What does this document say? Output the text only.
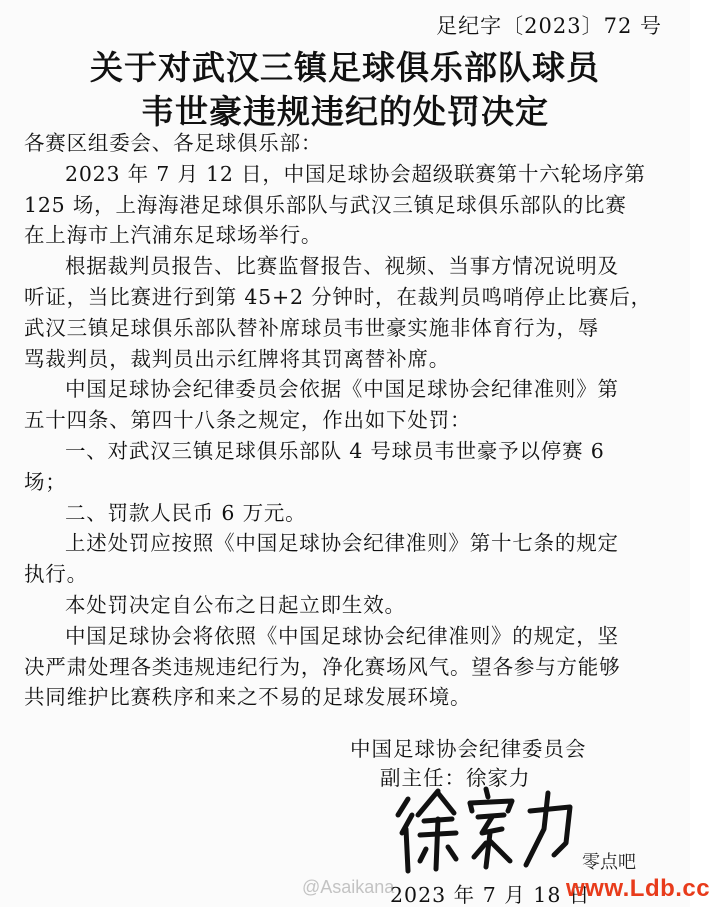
足纪字〔2023〕72 号
关于对武汉三镇足球俱乐部队球员
韦世豪违规违纪的处罚决定
各赛区组委会、各足球俱乐部：
2023 年 7 月 12 日，中国足球协会超级联赛第十六轮场序第
125 场，上海海港足球俱乐部队与武汉三镇足球俱乐部队的比赛
在上海市上汽浦东足球场举行。
根据裁判员报告、比赛监督报告、视频、当事方情况说明及
听证，当比赛进行到第 45+2 分钟时，在裁判员鸣哨停止比赛后，
武汉三镇足球俱乐部队替补席球员韦世豪实施非体育行为，辱
骂裁判员，裁判员出示红牌将其罚离替补席。
中国足球协会纪律委员会依据《中国足球协会纪律准则》第
五十四条、第四十八条之规定，作出如下处罚：
一、对武汉三镇足球俱乐部队 4 号球员韦世豪予以停赛 6
场；
二、罚款人民币 6 万元。
上述处罚应按照《中国足球协会纪律准则》第十七条的规定
执行。
本处罚决定自公布之日起立即生效。
中国足球协会将依照《中国足球协会纪律准则》的规定，坚
决严肃处理各类违规违纪行为，净化赛场风气。望各参与方能够
共同维护比赛秩序和来之不易的足球发展环境。
中国足球协会纪律委员会
副主任：徐家力
2023 年 7 月 18 日
@Asaikana
零点吧
www.Ldb.cc
